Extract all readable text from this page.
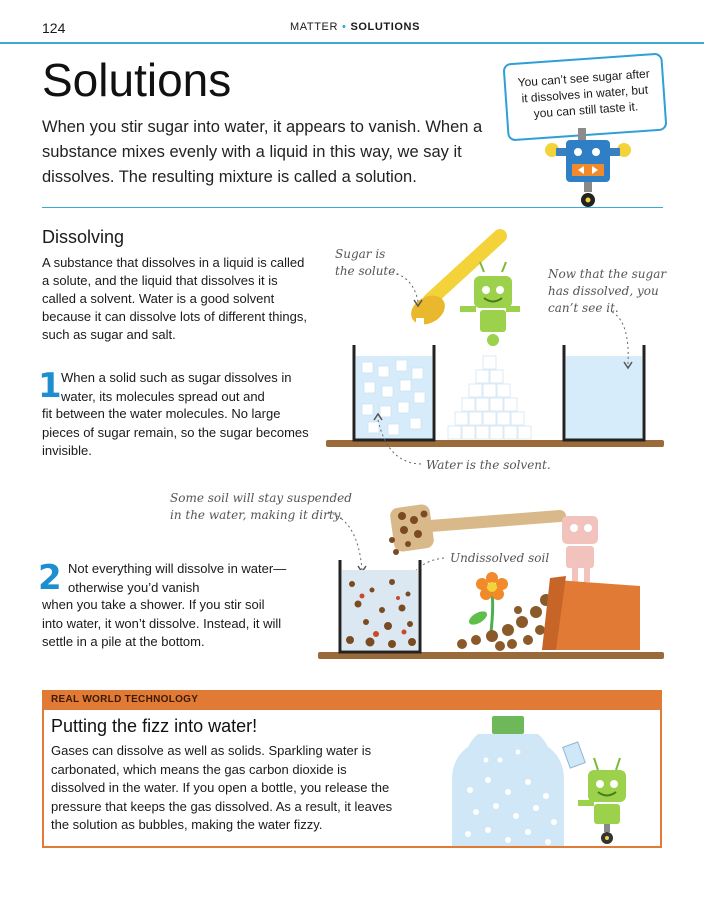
124	MATTER • SOLUTIONS
Solutions
When you stir sugar into water, it appears to vanish. When a substance mixes evenly with a liquid in this way, we say it dissolves. The resulting mixture is called a solution.
You can’t see sugar after it dissolves in water, but you can still taste it.
Dissolving
A substance that dissolves in a liquid is called a solute, and the liquid that dissolves it is called a solvent. Water is a good solvent because it can dissolve lots of different things, such as sugar and salt.
1 When a solid such as sugar dissolves in water, its molecules spread out and
fit between the water molecules. No large pieces of sugar remain, so the sugar becomes invisible.
2 Not everything will dissolve in water—otherwise you’d vanish
when you take a shower. If you stir soil into water, it won’t dissolve. Instead, it will settle in a pile at the bottom.
Sugar is
the solute.	Now that the sugar
has dissolved, you
can’t see it.
Water is the solvent.
Some soil will stay suspended
in the water, making it dirty.
Undissolved soil
REAL WORLD TECHNOLOGY
Putting the fizz into water!
Gases can dissolve as well as solids. Sparkling water is carbonated, which means the gas carbon dioxide is dissolved in the water. If you open a bottle, you release the pressure that keeps the gas dissolved. As a result, it leaves the solution as bubbles, making the water fizzy.
